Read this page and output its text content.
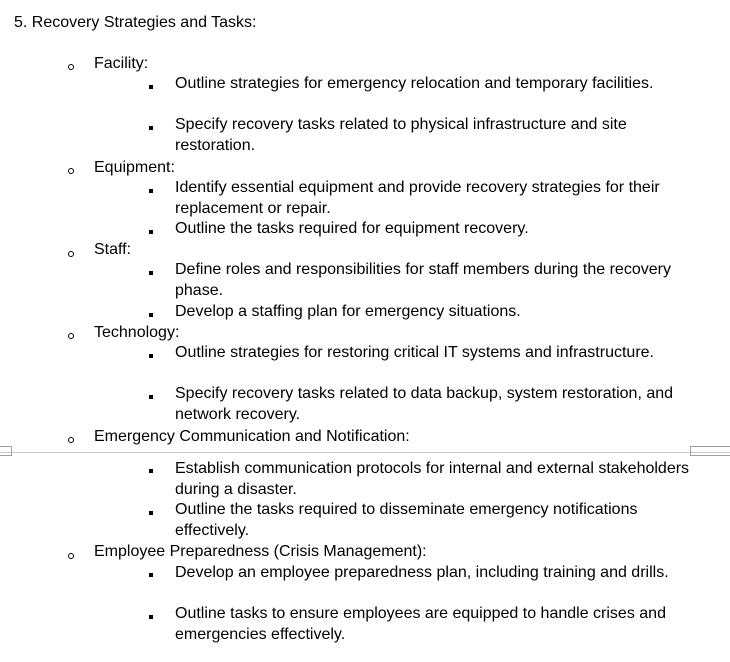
5. Recovery Strategies and Tasks:
Facility:
Outline strategies for emergency relocation and temporary facilities.
Specify recovery tasks related to physical infrastructure and site restoration.
Equipment:
Identify essential equipment and provide recovery strategies for their replacement or repair.
Outline the tasks required for equipment recovery.
Staff:
Define roles and responsibilities for staff members during the recovery phase.
Develop a staffing plan for emergency situations.
Technology:
Outline strategies for restoring critical IT systems and infrastructure.
Specify recovery tasks related to data backup, system restoration, and network recovery.
Emergency Communication and Notification:
Establish communication protocols for internal and external stakeholders during a disaster.
Outline the tasks required to disseminate emergency notifications effectively.
Employee Preparedness (Crisis Management):
Develop an employee preparedness plan, including training and drills.
Outline tasks to ensure employees are equipped to handle crises and emergencies effectively.
